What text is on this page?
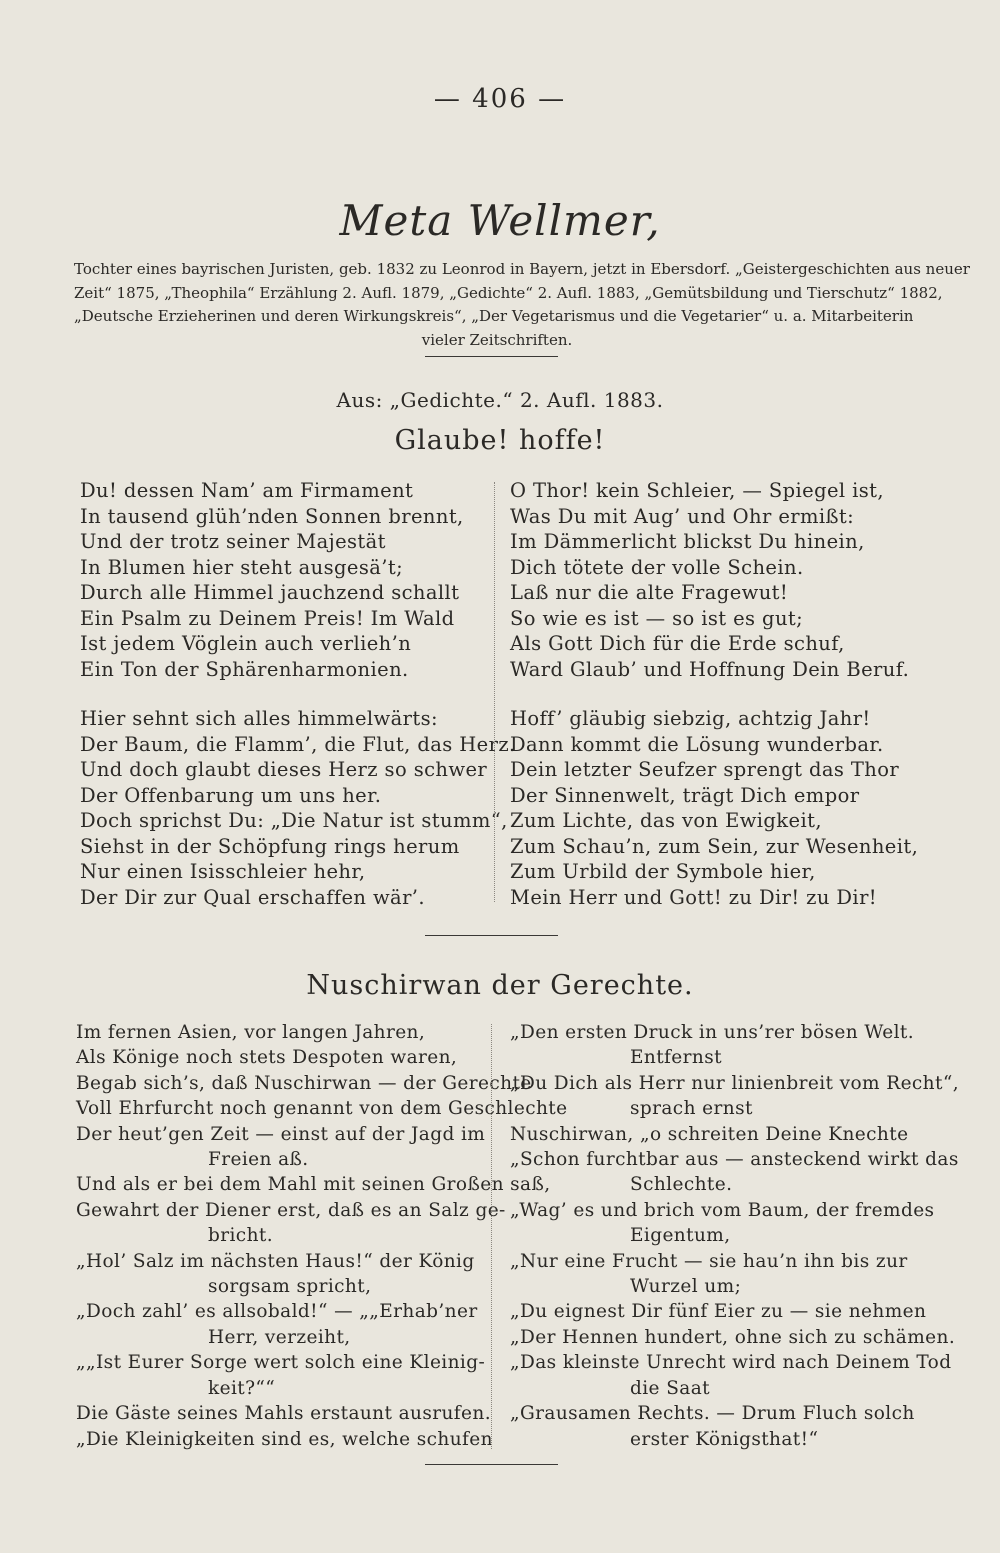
— 406 —
Meta Wellmer,
Tochter eines bayrischen Juristen, geb. 1832 zu Leonrod in Bayern, jetzt in Ebersdorf. „Geistergeschichten aus neuer
Zeit“ 1875, „Theophila“ Erzählung 2. Aufl. 1879, „Gedichte“ 2. Aufl. 1883, „Gemütsbildung und Tierschutz“ 1882,
„Deutsche Erzieherinen und deren Wirkungskreis“, „Der Vegetarismus und die Vegetarier“ u. a. Mitarbeiterin
vieler Zeitschriften.
Aus: „Gedichte.“ 2. Aufl. 1883.
Glaube! hoffe!
Du! dessen Nam’ am Firmament
In tausend glüh’nden Sonnen brennt,
Und der trotz seiner Majestät
In Blumen hier steht ausgesä’t;
Durch alle Himmel jauchzend schallt
Ein Psalm zu Deinem Preis! Im Wald
Ist jedem Vöglein auch verlieh’n
Ein Ton der Sphärenharmonien.
Hier sehnt sich alles himmelwärts:
Der Baum, die Flamm’, die Flut, das Herz.
Und doch glaubt dieses Herz so schwer
Der Offenbarung um uns her.
Doch sprichst Du: „Die Natur ist stumm“,
Siehst in der Schöpfung rings herum
Nur einen Isisschleier hehr,
Der Dir zur Qual erschaffen wär’.
O Thor! kein Schleier, — Spiegel ist,
Was Du mit Aug’ und Ohr ermißt:
Im Dämmerlicht blickst Du hinein,
Dich tötete der volle Schein.
Laß nur die alte Fragewut!
So wie es ist — so ist es gut;
Als Gott Dich für die Erde schuf,
Ward Glaub’ und Hoffnung Dein Beruf.
Hoff’ gläubig siebzig, achtzig Jahr!
Dann kommt die Lösung wunderbar.
Dein letzter Seufzer sprengt das Thor
Der Sinnenwelt, trägt Dich empor
Zum Lichte, das von Ewigkeit,
Zum Schau’n, zum Sein, zur Wesenheit,
Zum Urbild der Symbole hier,
Mein Herr und Gott! zu Dir! zu Dir!
Nuschirwan der Gerechte.
Im fernen Asien, vor langen Jahren,
Als Könige noch stets Despoten waren,
Begab sich’s, daß Nuschirwan — der Gerechte
Voll Ehrfurcht noch genannt von dem Geschlechte
Der heut’gen Zeit — einst auf der Jagd im
Freien aß.
Und als er bei dem Mahl mit seinen Großen saß,
Gewahrt der Diener erst, daß es an Salz ge-
bricht.
„Hol’ Salz im nächsten Haus!“ der König
sorgsam spricht,
„Doch zahl’ es allsobald!“ — „„Erhab’ner
Herr, verzeiht,
„„Ist Eurer Sorge wert solch eine Kleinig-
keit?““
Die Gäste seines Mahls erstaunt ausrufen.
„Die Kleinigkeiten sind es, welche schufen
„Den ersten Druck in uns’rer bösen Welt.
Entfernst
„Du Dich als Herr nur linienbreit vom Recht“,
sprach ernst
Nuschirwan, „o schreiten Deine Knechte
„Schon furchtbar aus — ansteckend wirkt das
Schlechte.
„Wag’ es und brich vom Baum, der fremdes
Eigentum,
„Nur eine Frucht — sie hau’n ihn bis zur
Wurzel um;
„Du eignest Dir fünf Eier zu — sie nehmen
„Der Hennen hundert, ohne sich zu schämen.
„Das kleinste Unrecht wird nach Deinem Tod
die Saat
„Grausamen Rechts. — Drum Fluch solch
erster Königsthat!“
